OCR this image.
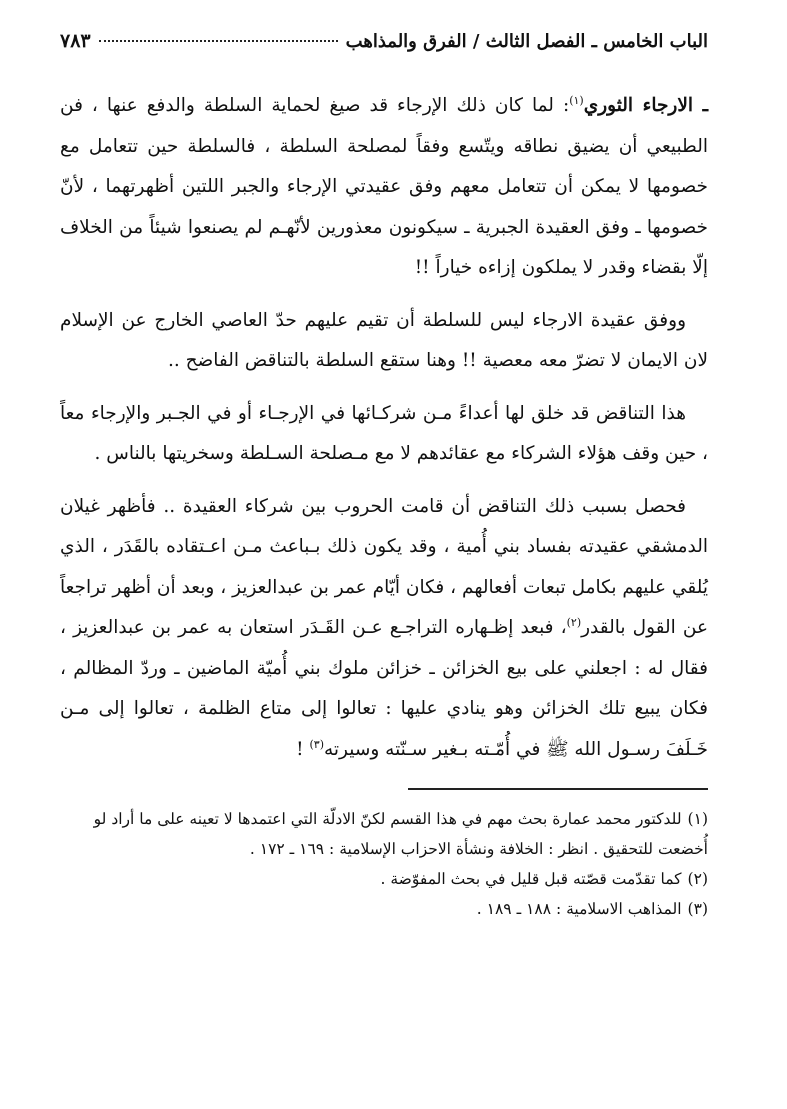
الباب الخامس ـ الفصل الثالث / الفرق والمذاهب
٧٨٣

ـ الارجاء الثوري$^{(١)}$: لما كان ذلك الإرجاء قد صيغ لحماية السلطة والدفع عنها ، فن الطبيعي أن يضيق نطاقه ويتّسع وفقاً لمصلحة السلطة ، فالسلطة حين تتعامل مع خصومها لا يمكن أن تتعامل معهم وفق عقيدتي الإرجاء والجبر اللتين أظهرتهما ، لأنّ خصومها ـ وفق العقيدة الجبرية ـ سيكونون معذورين لأنّهـم لم يصنعوا شيئاً من الخلاف إلّا بقضاء وقدر لا يملكون إزاءه خياراً !!

ووفق عقيدة الارجاء ليس للسلطة أن تقيم عليهم حدّ العاصي الخارج عن الإسلام لان الايمان لا تضرّ معه معصية !! وهنا ستقع السلطة بالتناقض الفاضح ..

هذا التناقض قد خلق لها أعداءً مـن شركـائها في الإرجـاء أو في الجـبر والإرجاء معاً ، حين وقف هؤلاء الشركاء مع عقائدهم لا مع مـصلحة السـلطة وسخريتها بالناس .

فحصل بسبب ذلك التناقض أن قامت الحروب بين شركاء العقيدة .. فأظهر غيلان الدمشقي عقيدته بفساد بني أُمية ، وقد يكون ذلك بـباعث مـن اعـتقاده بالقَدَر ، الذي يُلقي عليهم بكامل تبعات أفعالهم ، فكان أيّام عمر بن عبدالعزيز ، وبعد أن أظهر تراجعاً عن القول بالقدر$^{(٢)}$، فبعد إظـهاره التراجـع عـن القَـدَر استعان به عمر بن عبدالعزيز ، فقال له : اجعلني على بيع الخزائن ـ خزائن ملوك بني أُميّة الماضين ـ وردّ المظالم ، فكان يبيع تلك الخزائن وهو ينادي عليها : تعالوا إلى متاع الظلمة ، تعالوا إلى مـن خَـلَفَ رسـول الله ﷺ في أُمّـته بـغير سـنّته وسيرته$^{(٣)}$ !

(١)للدكتور محمد عمارة بحث مهم في هذا القسم لكنّ الادلّة التي اعتمدها لا تعينه على ما أراد لو أُخضعت للتحقيق . انظر : الخلافة ونشأة الاحزاب الإسلامية : ١٦٩ ـ ١٧٢ .

(٢)كما تقدّمت قصّته قبل قليل في بحث المفوّضة .

(٣)المذاهب الاسلامية : ١٨٨ ـ ١٨٩ .
